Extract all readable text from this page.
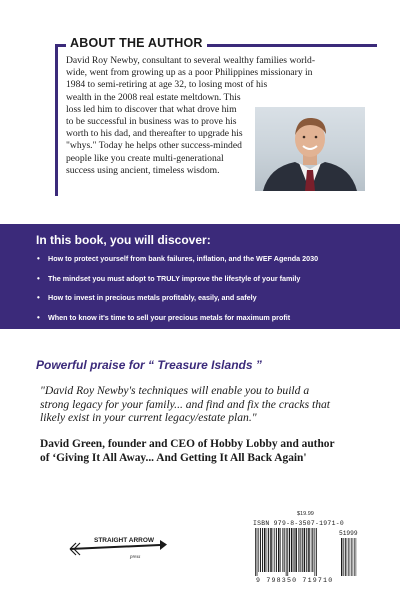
ABOUT THE AUTHOR
David Roy Newby, consultant to several wealthy families world-
wide, went from growing up as a poor Philippines missionary in
1984 to semi-retiring at age 32, to losing most of his
wealth in the 2008 real estate meltdown. This
loss led him to discover that what drove him
to be successful in business was to prove his
worth to his dad, and thereafter to upgrade his
"whys." Today he helps other success-minded
people like you create multi-generational
success using ancient, timeless wisdom.
In this book, you will discover:
• How to protect yourself from bank failures, inflation, and the WEF Agenda 2030
• The mindset you must adopt to TRULY improve the lifestyle of your family
• How to invest in precious metals profitably, easily, and safely
• When to know it's time to sell your precious metals for maximum profit
Powerful praise for “ Treasure Islands ”
"David Roy Newby's techniques will enable you to build a
strong legacy for your family... and find and fix the cracks that
likely exist in your current legacy/estate plan."
David Green, founder and CEO of Hobby Lobby and author
of ‘Giving It All Away... And Getting It All Back Again'
STRAIGHT ARROW
press
$19.99
ISBN 979-8-3507-1971-0
51999
9 798350 719710
